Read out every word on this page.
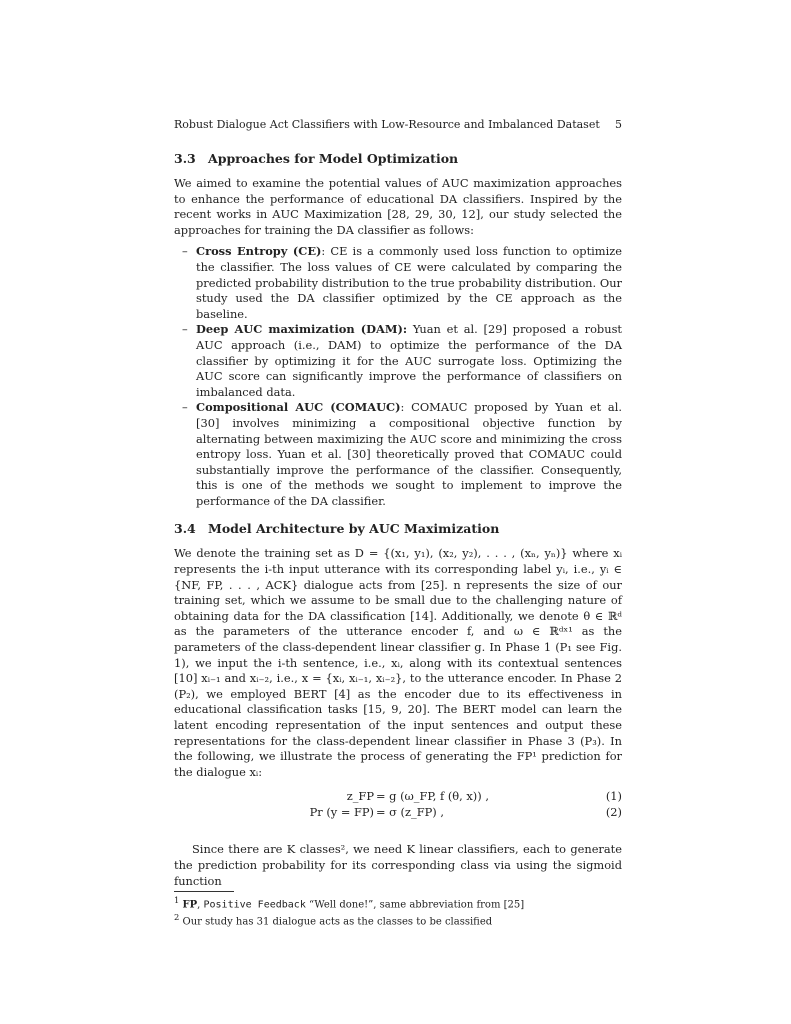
Robust Dialogue Act Classifiers with Low-Resource and Imbalanced Dataset 5
3.3 Approaches for Model Optimization

We aimed to examine the potential values of AUC maximization approaches to enhance the performance of educational DA classifiers. Inspired by the recent works in AUC Maximization [28, 29, 30, 12], our study selected the approaches for training the DA classifier as follows:

– Cross Entropy (CE): CE is a commonly used loss function to optimize the classifier. The loss values of CE were calculated by comparing the predicted probability distribution to the true probability distribution. Our study used the DA classifier optimized by the CE approach as the baseline.
– Deep AUC maximization (DAM): Yuan et al. [29] proposed a robust AUC approach (i.e., DAM) to optimize the performance of the DA classifier by optimizing it for the AUC surrogate loss. Optimizing the AUC score can significantly improve the performance of classifiers on imbalanced data.
– Compositional AUC (COMAUC): COMAUC proposed by Yuan et al. [30] involves minimizing a compositional objective function by alternating between maximizing the AUC score and minimizing the cross entropy loss. Yuan et al. [30] theoretically proved that COMAUC could substantially improve the performance of the classifier. Consequently, this is one of the methods we sought to implement to improve the performance of the DA classifier.
3.4 Model Architecture by AUC Maximization

We denote the training set as D = {(x₁, y₁), (x₂, y₂), . . . , (xₙ, yₙ)} where xᵢ represents the i-th input utterance with its corresponding label yᵢ, i.e., yᵢ ∈ {NF, FP, . . . , ACK} dialogue acts from [25]. n represents the size of our training set, which we assume to be small due to the challenging nature of obtaining data for the DA classification [14]. Additionally, we denote θ ∈ ℝᵈ as the parameters of the utterance encoder f, and ω ∈ ℝᵈˣ¹ as the parameters of the class-dependent linear classifier g. In Phase 1 (P₁ see Fig. 1), we input the i-th sentence, i.e., xᵢ, along with its contextual sentences [10] xᵢ₋₁ and xᵢ₋₂, i.e., x = {xᵢ, xᵢ₋₁, xᵢ₋₂}, to the utterance encoder. In Phase 2 (P₂), we employed BERT [4] as the encoder due to its effectiveness in educational classification tasks [15, 9, 20]. The BERT model can learn the latent encoding representation of the input sentences and output these representations for the class-dependent linear classifier in Phase 3 (P₃). In the following, we illustrate the process of generating the FP¹ prediction for the dialogue xᵢ:

z_FP = g (ω_FP, f (θ, x)) ,	(1)
Pr (y = FP) = σ (z_FP) ,	(2)

Since there are K classes², we need K linear classifiers, each to generate the prediction probability for its corresponding class via using the sigmoid function

$^1$ FP, Positive Feedback “Well done!”, same abbreviation from [25]
$^2$ Our study has 31 dialogue acts as the classes to be classified
